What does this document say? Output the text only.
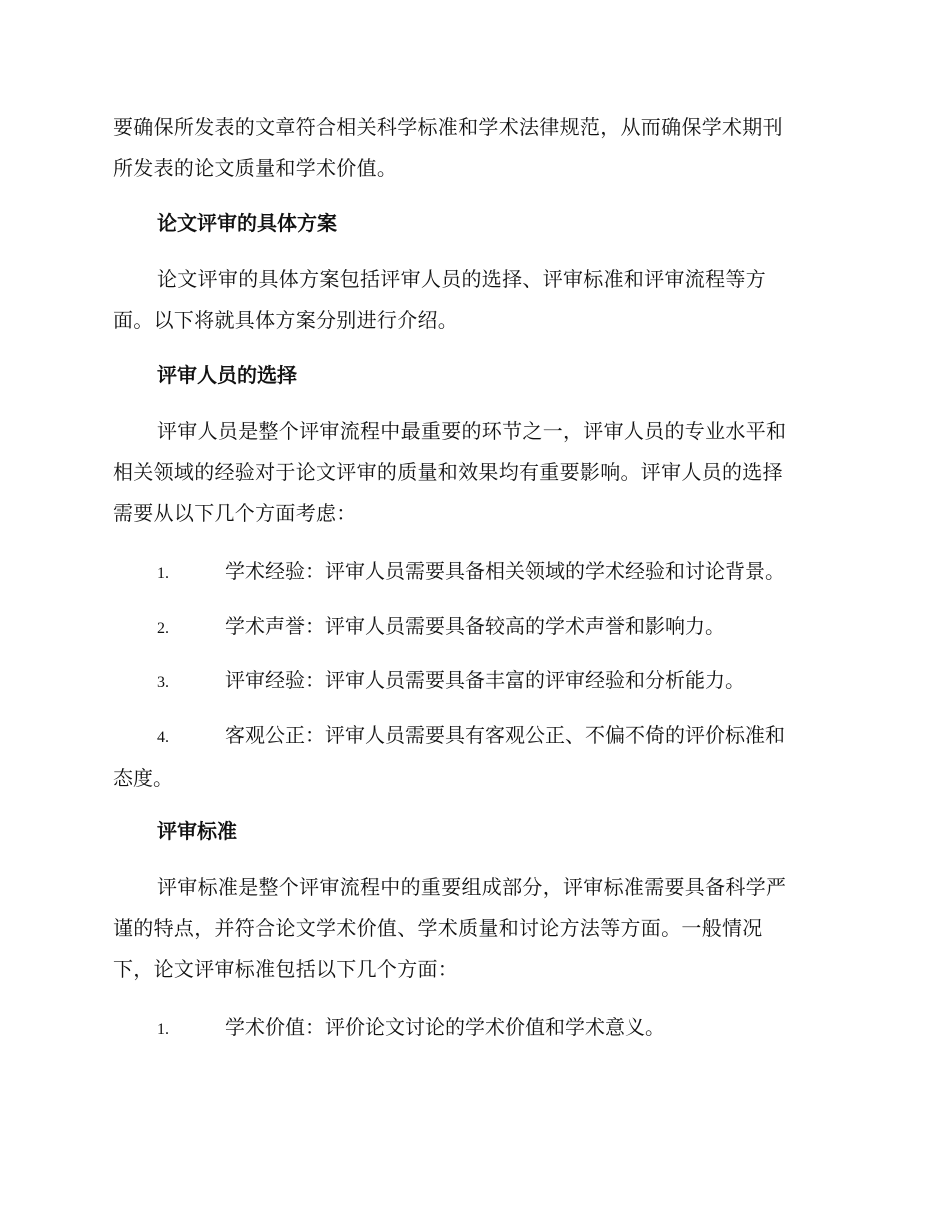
要确保所发表的文章符合相关科学标准和学术法律规范，从而确保学术期刊
所发表的论文质量和学术价值。
论文评审的具体方案
论文评审的具体方案包括评审人员的选择、评审标准和评审流程等方
面。以下将就具体方案分别进行介绍。
评审人员的选择
评审人员是整个评审流程中最重要的环节之一，评审人员的专业水平和
相关领域的经验对于论文评审的质量和效果均有重要影响。评审人员的选择
需要从以下几个方面考虑：
1.	学术经验：评审人员需要具备相关领域的学术经验和讨论背景。
2.	学术声誉：评审人员需要具备较高的学术声誉和影响力。
3.	评审经验：评审人员需要具备丰富的评审经验和分析能力。
4.	客观公正：评审人员需要具有客观公正、不偏不倚的评价标准和
态度。
评审标准
评审标准是整个评审流程中的重要组成部分，评审标准需要具备科学严
谨的特点，并符合论文学术价值、学术质量和讨论方法等方面。一般情况
下，论文评审标准包括以下几个方面：
1.	学术价值：评价论文讨论的学术价值和学术意义。
